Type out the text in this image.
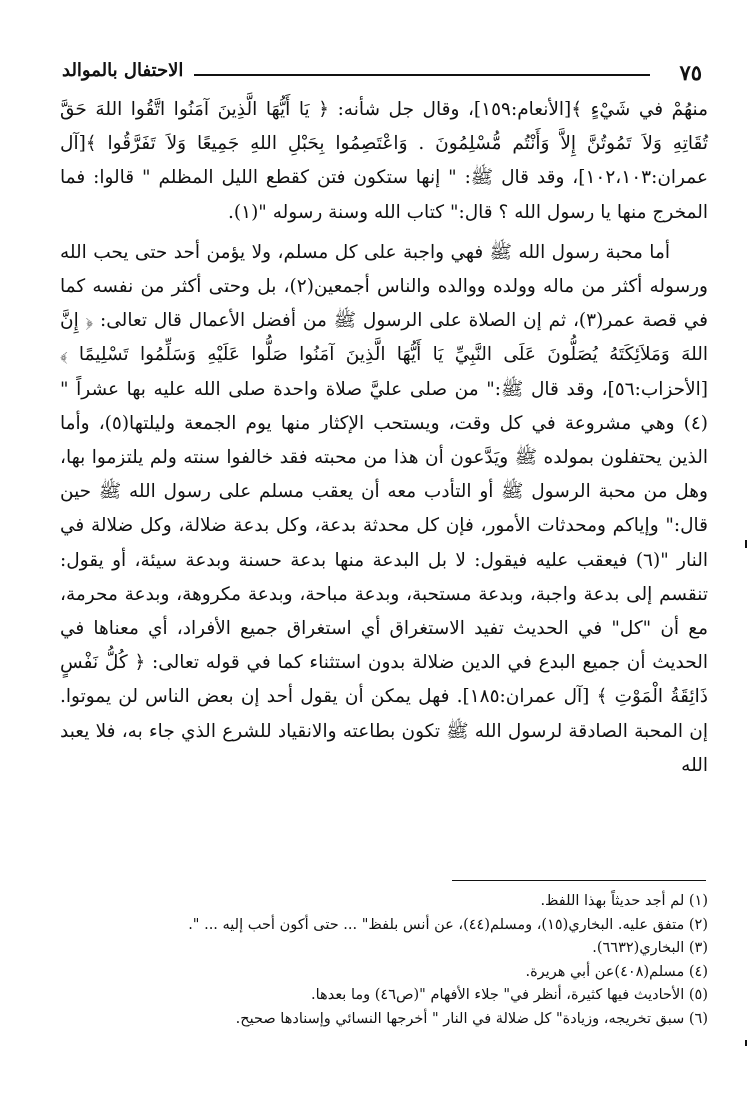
٧٥
الاحتفال بالموالد

منهُمْ في شَيْءٍ ﴾[الأنعام:١٥٩]، وقال جل شأنه: ﴿ يَا أَيُّهَا الَّذِينَ آمَنُوا اتَّقُوا اللهَ حَقَّ تُقَاتِهِ وَلاَ تَمُوتُنَّ إِلاَّ وَأَنْتُم مُّسْلِمُونَ . وَاعْتَصِمُوا بِحَبْلِ اللهِ جَمِيعًا وَلاَ تَفَرَّقُوا ﴾[آل عمران:١٠٢،١٠٣]، وقد قال ﷺ: " إنها ستكون فتن كقطع الليل المظلم " قالوا: فما المخرج منها يا رسول الله ؟ قال:" كتاب الله وسنة رسوله "(١).

أما محبة رسول الله ﷺ فهي واجبة على كل مسلم، ولا يؤمن أحد حتى يحب الله ورسوله أكثر من ماله وولده ووالده والناس أجمعين(٢)، بل وحتى أكثر من نفسه كما في قصة عمر(٣)، ثم إن الصلاة على الرسول ﷺ من أفضل الأعمال قال تعالى: ﴿ إِنَّ اللهَ وَمَلاَئِكَتَهُ يُصَلُّونَ عَلَى النَّبِيِّ يَا أَيُّهَا الَّذِينَ آمَنُوا صَلُّوا عَلَيْهِ وَسَلِّمُوا تَسْلِيمًا ﴾ [الأحزاب:٥٦]، وقد قال ﷺ:" من صلى عليَّ صلاة واحدة صلى الله عليه بها عشراً "(٤) وهي مشروعة في كل وقت، ويستحب الإكثار منها يوم الجمعة وليلتها(٥)، وأما الذين يحتفلون بمولده ﷺ ويَدَّعون أن هذا من محبته فقد خالفوا سنته ولم يلتزموا بها، وهل من محبة الرسول ﷺ أو التأدب معه أن يعقب مسلم على رسول الله ﷺ حين قال:" وإياكم ومحدثات الأمور، فإن كل محدثة بدعة، وكل بدعة ضلالة، وكل ضلالة في النار "(٦) فيعقب عليه فيقول: لا بل البدعة منها بدعة حسنة وبدعة سيئة، أو يقول: تنقسم إلى بدعة واجبة، وبدعة مستحبة، وبدعة مباحة، وبدعة مكروهة، وبدعة محرمة، مع أن "كل" في الحديث تفيد الاستغراق أي استغراق جميع الأفراد، أي معناها في الحديث أن جميع البدع في الدين ضلالة بدون استثناء كما في قوله تعالى: ﴿ كُلُّ نَفْسٍ ذَائِقَةُ الْمَوْتِ ﴾ [آل عمران:١٨٥]. فهل يمكن أن يقول أحد إن بعض الناس لن يموتوا. إن المحبة الصادقة لرسول الله ﷺ تكون بطاعته والانقياد للشرع الذي جاء به، فلا يعبد الله

(١) لم أجد حديثاً بهذا اللفظ.
(٢) متفق عليه. البخاري(١٥)، ومسلم(٤٤)، عن أنس بلفظ" ... حتى أكون أحب إليه ... ".
(٣) البخاري(٦٦٣٢).
(٤) مسلم(٤٠٨)عن أبي هريرة.
(٥) الأحاديث فيها كثيرة، أنظر في" جلاء الأفهام "(ص٤٦) وما بعدها.
(٦) سبق تخريجه، وزيادة" كل ضلالة في النار " أخرجها النسائي وإسنادها صحيح.
